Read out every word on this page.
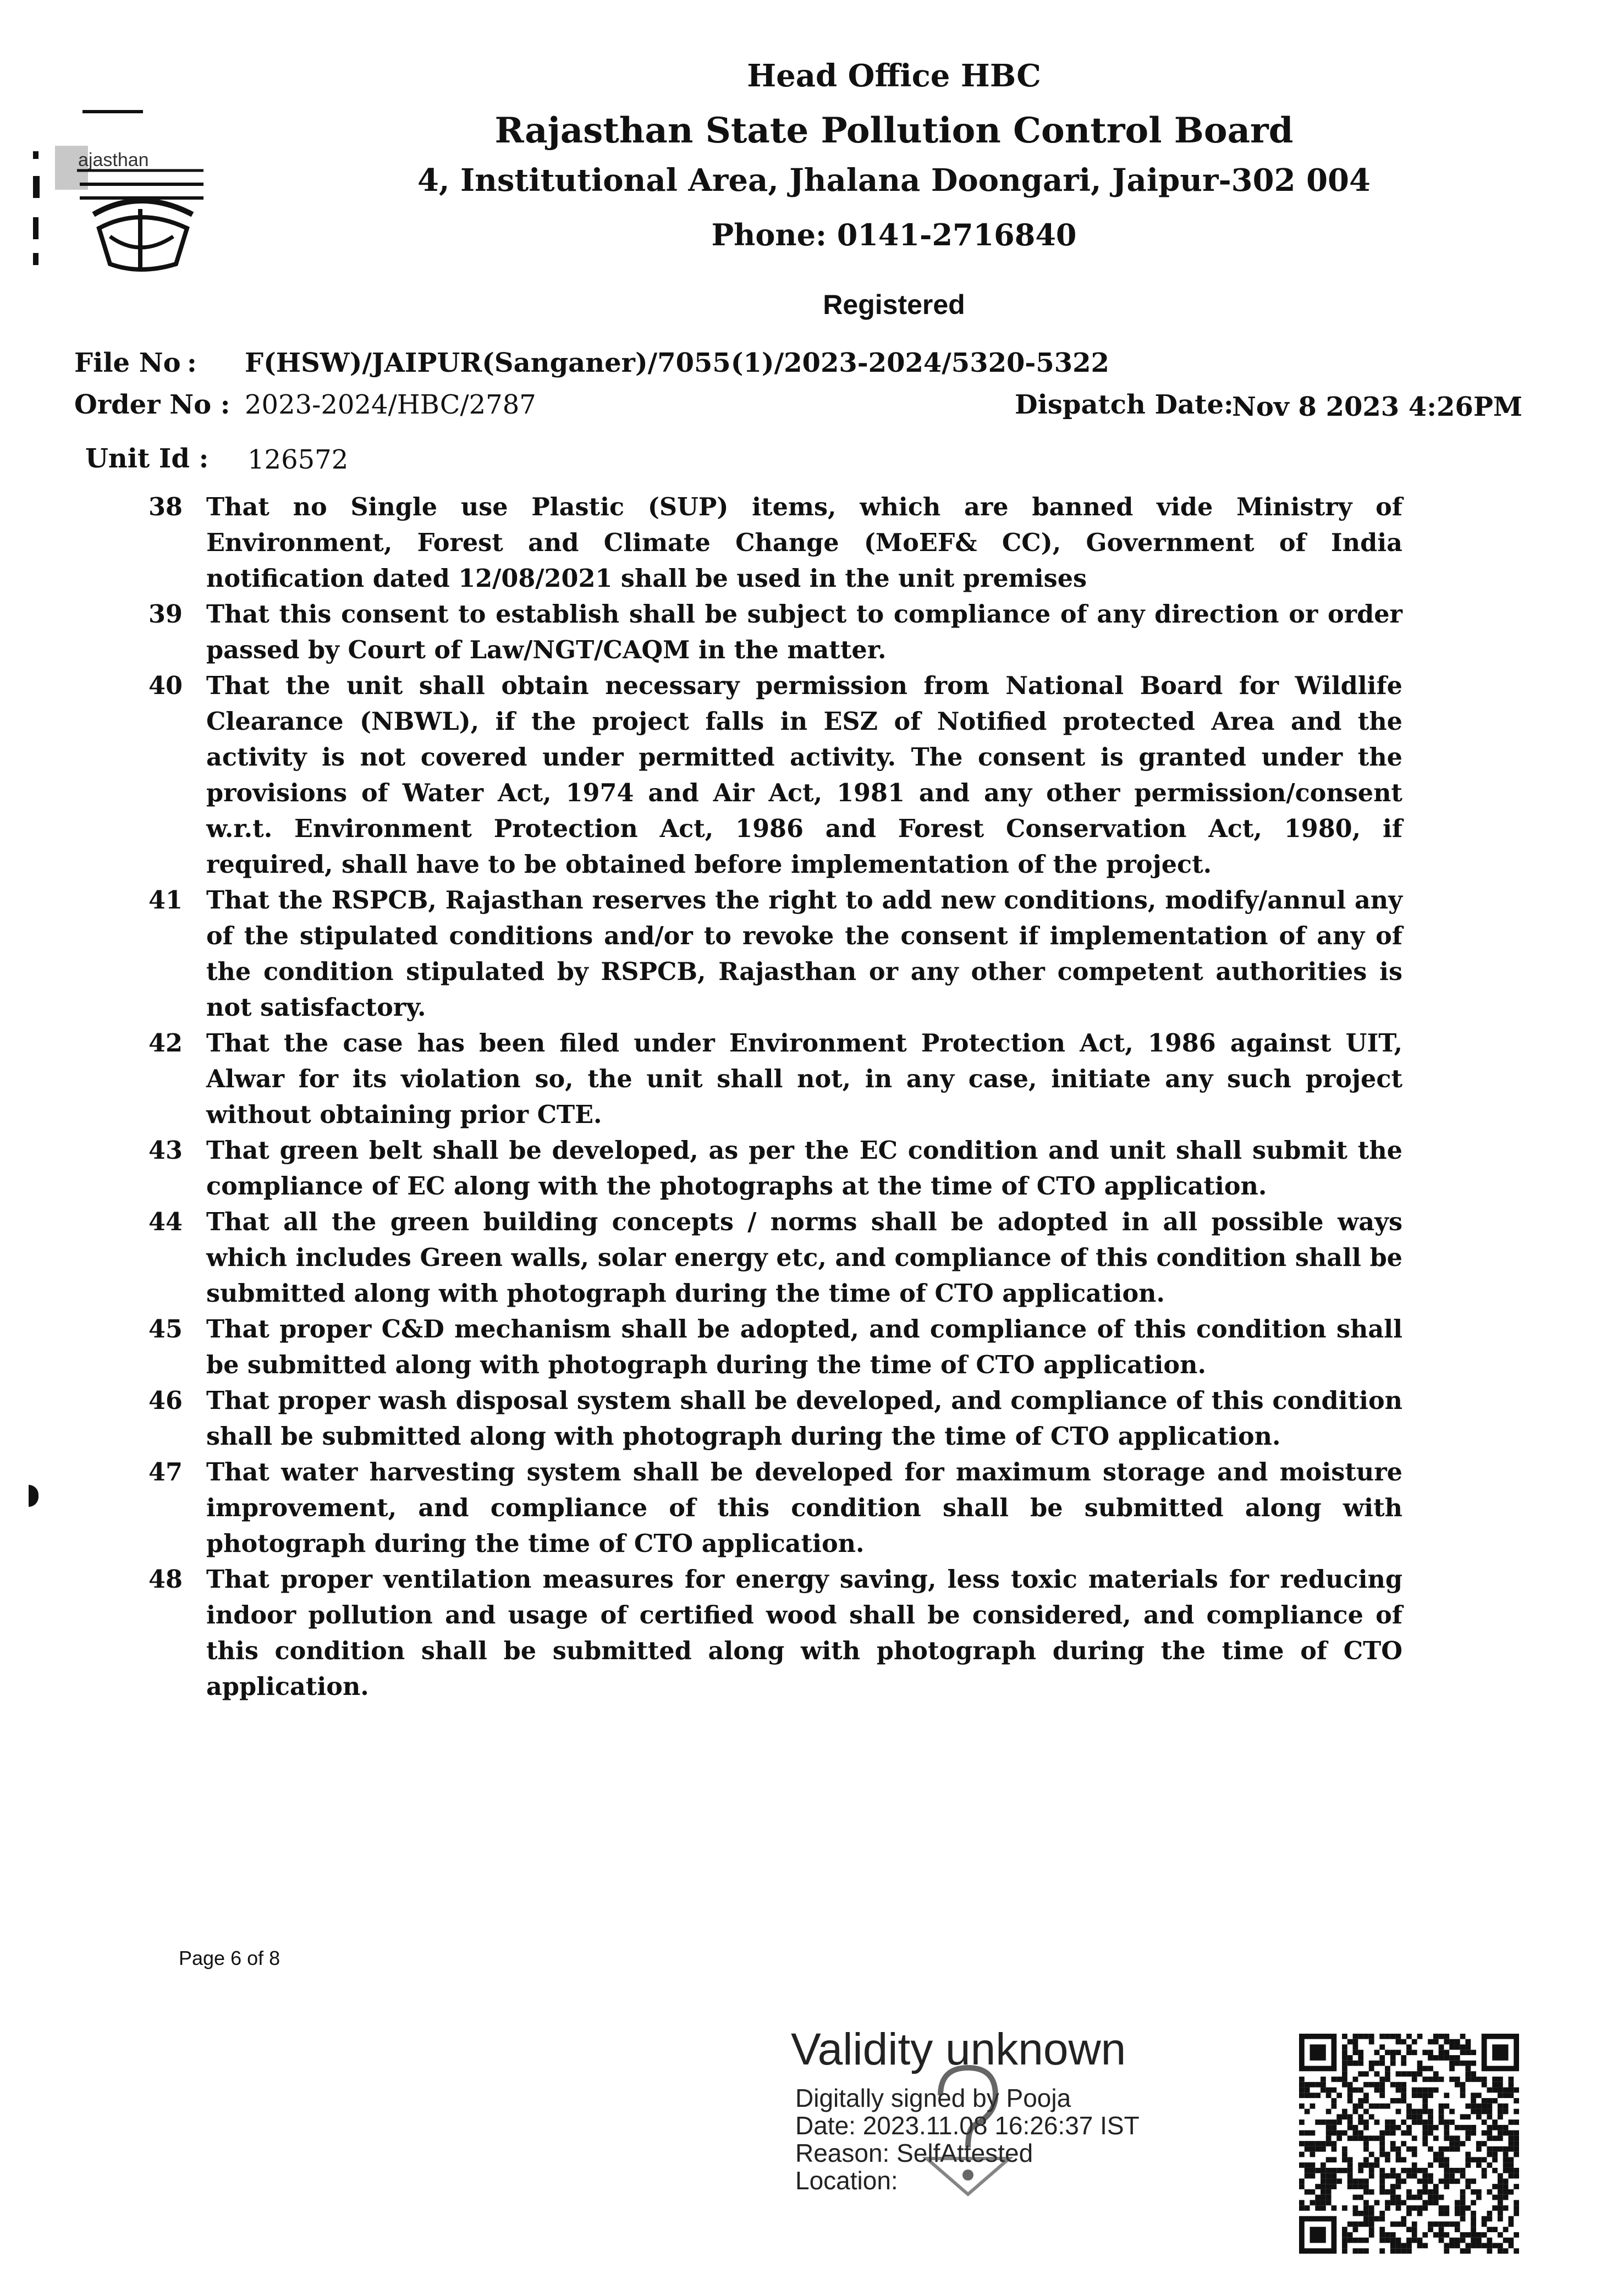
ajasthan
Head Office HBC
Rajasthan State Pollution Control Board
4, Institutional Area, Jhalana Doongari, Jaipur-302 004
Phone: 0141-2716840
Registered
File No : F(HSW)/JAIPUR(Sanganer)/7055(1)/2023-2024/5320-5322
Order No : 2023-2024/HBC/2787	Dispatch Date:
Nov 8 2023 4:26PM
Unit Id : 126572
38 That no Single use Plastic (SUP) items, which are banned vide Ministry of Environment, Forest and Climate Change (MoEF& CC), Government of India notification dated 12/08/2021 shall be used in the unit premises
39 That this consent to establish shall be subject to compliance of any direction or order passed by Court of Law/NGT/CAQM in the matter.
40 That the unit shall obtain necessary permission from National Board for Wildlife Clearance (NBWL), if the project falls in ESZ of Notified protected Area and the activity is not covered under permitted activity. The consent is granted under the provisions of Water Act, 1974 and Air Act, 1981 and any other permission/consent w.r.t. Environment Protection Act, 1986 and Forest Conservation Act, 1980, if required, shall have to be obtained before implementation of the project.
41 That the RSPCB, Rajasthan reserves the right to add new conditions, modify/annul any of the stipulated conditions and/or to revoke the consent if implementation of any of the condition stipulated by RSPCB, Rajasthan or any other competent authorities is not satisfactory.
42 That the case has been filed under Environment Protection Act, 1986 against UIT, Alwar for its violation so, the unit shall not, in any case, initiate any such project without obtaining prior CTE.
43 That green belt shall be developed, as per the EC condition and unit shall submit the compliance of EC along with the photographs at the time of CTO application.
44 That all the green building concepts / norms shall be adopted in all possible ways which includes Green walls, solar energy etc, and compliance of this condition shall be submitted along with photograph during the time of CTO application.
45 That proper C&D mechanism shall be adopted, and compliance of this condition shall be submitted along with photograph during the time of CTO application.
46 That proper wash disposal system shall be developed, and compliance of this condition shall be submitted along with photograph during the time of CTO application.
47 That water harvesting system shall be developed for maximum storage and moisture improvement, and compliance of this condition shall be submitted along with photograph during the time of CTO application.
48 That proper ventilation measures for energy saving, less toxic materials for reducing indoor pollution and usage of certified wood shall be considered, and compliance of this condition shall be submitted along with photograph during the time of CTO application.
Page 6 of 8
Validity unknown
Digitally signed by Pooja
Date: 2023.11.08 16:26:37 IST
Reason: SelfAttested
Location:
